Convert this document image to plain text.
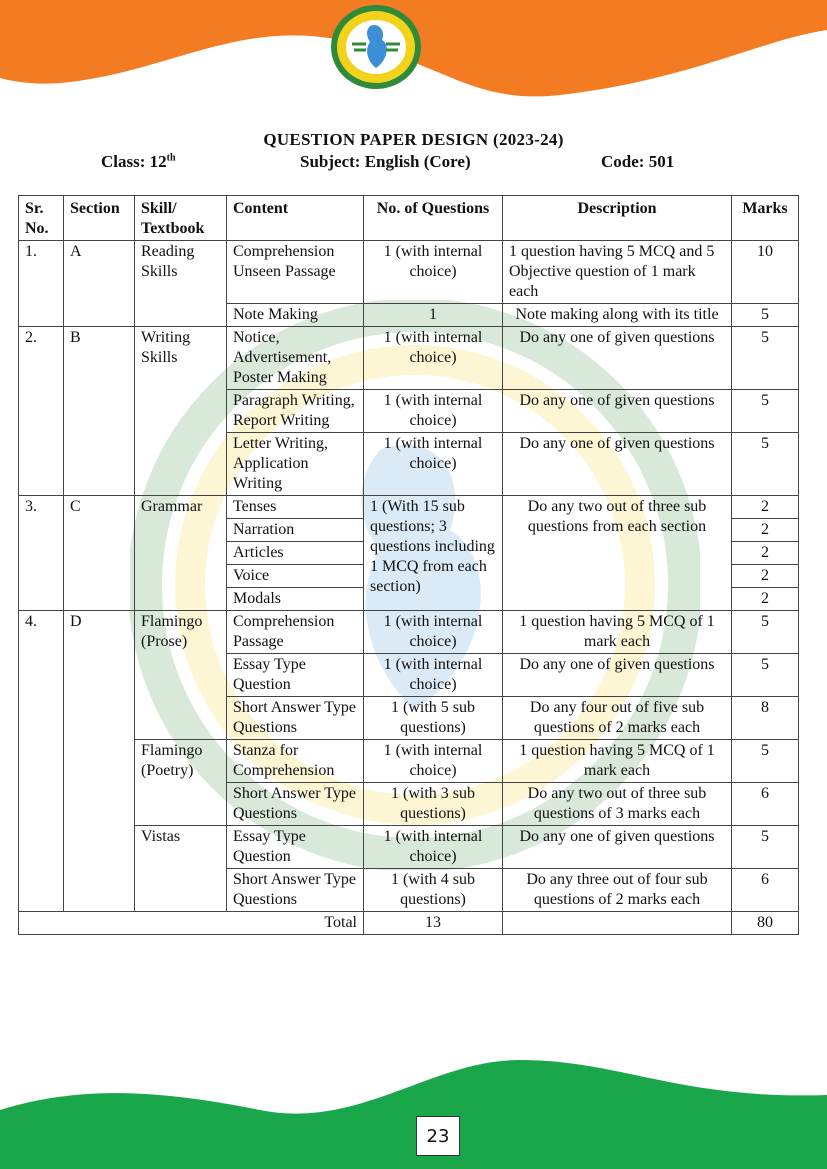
QUESTION PAPER DESIGN (2023-24)
Class: 12th	Subject: English (Core)	Code: 501
Sr. No.	Section	Skill/ Textbook	Content	No. of Questions	Description	Marks
1.	A	Reading Skills	Comprehension Unseen Passage	1 (with internal choice)	1 question having 5 MCQ and 5 Objective question of 1 mark each	10
			Note Making	1	Note making along with its title	5
2.	B	Writing Skills	Notice, Advertisement, Poster Making	1 (with internal choice)	Do any one of given questions	5
			Paragraph Writing, Report Writing	1 (with internal choice)	Do any one of given questions	5
			Letter Writing, Application Writing	1 (with internal choice)	Do any one of given questions	5
3.	C	Grammar	Tenses	1 (With 15 sub questions; 3 questions including 1 MCQ from each section)	Do any two out of three sub questions from each section	2
			Narration			2
			Articles			2
			Voice			2
			Modals			2
4.	D	Flamingo (Prose)	Comprehension Passage	1 (with internal choice)	1 question having 5 MCQ of 1 mark each	5
			Essay Type Question	1 (with internal choice)	Do any one of given questions	5
			Short Answer Type Questions	1 (with 5 sub questions)	Do any four out of five sub questions of 2 marks each	8
		Flamingo (Poetry)	Stanza for Comprehension	1 (with internal choice)	1 question having 5 MCQ of 1 mark each	5
			Short Answer Type Questions	1 (with 3 sub questions)	Do any two out of three sub questions of 3 marks each	6
		Vistas	Essay Type Question	1 (with internal choice)	Do any one of given questions	5
			Short Answer Type Questions	1 (with 4 sub questions)	Do any three out of four sub questions of 2 marks each	6
Total				13		80
23
